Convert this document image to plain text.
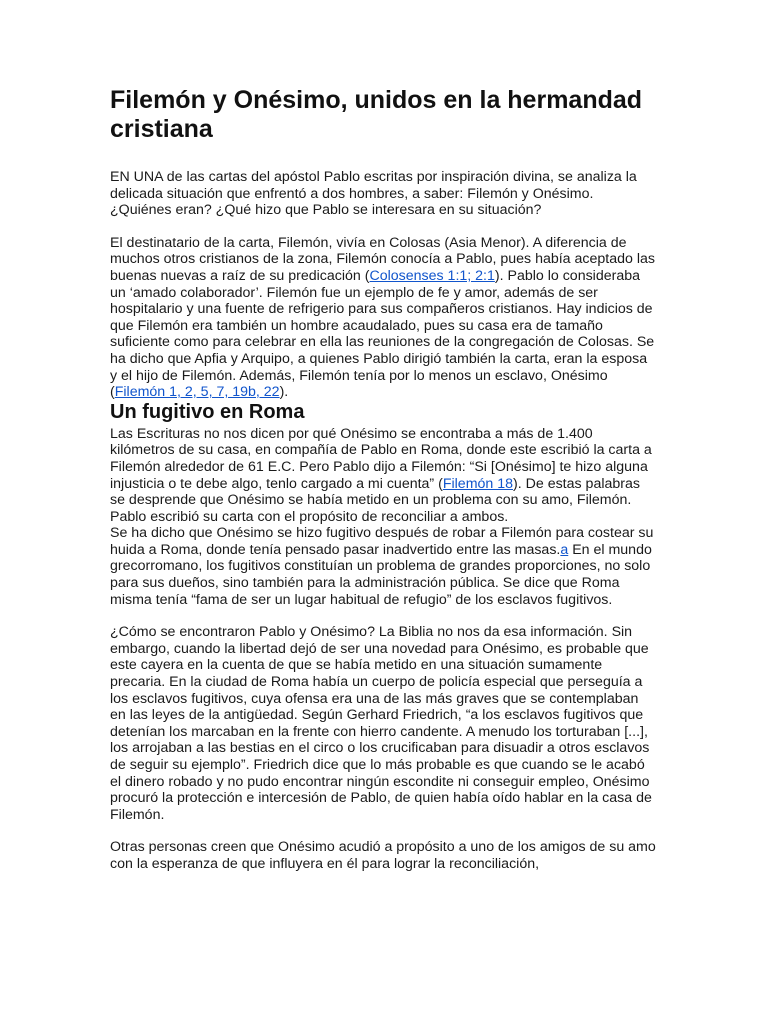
Filemón y Onésimo, unidos en la hermandad cristiana

EN UNA de las cartas del apóstol Pablo escritas por inspiración divina, se analiza la delicada situación que enfrentó a dos hombres, a saber: Filemón y Onésimo. ¿Quiénes eran? ¿Qué hizo que Pablo se interesara en su situación?

El destinatario de la carta, Filemón, vivía en Colosas (Asia Menor). A diferencia de muchos otros cristianos de la zona, Filemón conocía a Pablo, pues había aceptado las buenas nuevas a raíz de su predicación (Colosenses 1:1; 2:1). Pablo lo consideraba un ‘amado colaborador’. Filemón fue un ejemplo de fe y amor, además de ser hospitalario y una fuente de refrigerio para sus compañeros cristianos. Hay indicios de que Filemón era también un hombre acaudalado, pues su casa era de tamaño suficiente como para celebrar en ella las reuniones de la congregación de Colosas. Se ha dicho que Apfia y Arquipo, a quienes Pablo dirigió también la carta, eran la esposa y el hijo de Filemón. Además, Filemón tenía por lo menos un esclavo, Onésimo (Filemón 1, 2, 5, 7, 19b, 22).

Un fugitivo en Roma

Las Escrituras no nos dicen por qué Onésimo se encontraba a más de 1.400 kilómetros de su casa, en compañía de Pablo en Roma, donde este escribió la carta a Filemón alrededor de 61 E.C. Pero Pablo dijo a Filemón: “Si [Onésimo] te hizo alguna injusticia o te debe algo, tenlo cargado a mi cuenta” (Filemón 18). De estas palabras se desprende que Onésimo se había metido en un problema con su amo, Filemón. Pablo escribió su carta con el propósito de reconciliar a ambos.

Se ha dicho que Onésimo se hizo fugitivo después de robar a Filemón para costear su huida a Roma, donde tenía pensado pasar inadvertido entre las masas.a En el mundo grecorromano, los fugitivos constituían un problema de grandes proporciones, no solo para sus dueños, sino también para la administración pública. Se dice que Roma misma tenía “fama de ser un lugar habitual de refugio” de los esclavos fugitivos.

¿Cómo se encontraron Pablo y Onésimo? La Biblia no nos da esa información. Sin embargo, cuando la libertad dejó de ser una novedad para Onésimo, es probable que este cayera en la cuenta de que se había metido en una situación sumamente precaria. En la ciudad de Roma había un cuerpo de policía especial que perseguía a los esclavos fugitivos, cuya ofensa era una de las más graves que se contemplaban en las leyes de la antigüedad. Según Gerhard Friedrich, “a los esclavos fugitivos que detenían los marcaban en la frente con hierro candente. A menudo los torturaban [...], los arrojaban a las bestias en el circo o los crucificaban para disuadir a otros esclavos de seguir su ejemplo”. Friedrich dice que lo más probable es que cuando se le acabó el dinero robado y no pudo encontrar ningún escondite ni conseguir empleo, Onésimo procuró la protección e intercesión de Pablo, de quien había oído hablar en la casa de Filemón.

Otras personas creen que Onésimo acudió a propósito a uno de los amigos de su amo con la esperanza de que influyera en él para lograr la reconciliación,
